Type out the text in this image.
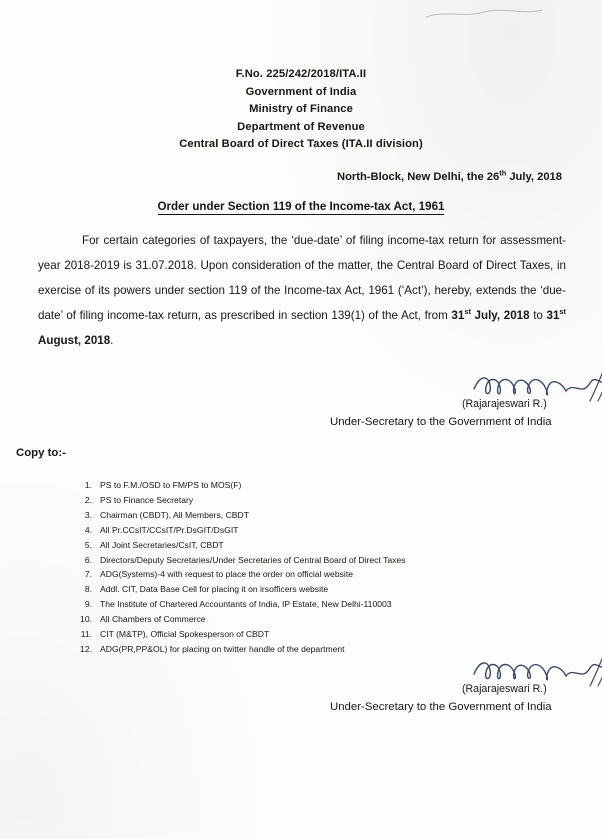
F.No. 225/242/2018/ITA.II
Government of India
Ministry of Finance
Department of Revenue
Central Board of Direct Taxes (ITA.II division)
North-Block, New Delhi, the 26th July, 2018
Order under Section 119 of the Income-tax Act, 1961
For certain categories of taxpayers, the ‘due-date’ of filing income-tax return for assessment-year 2018-2019 is 31.07.2018. Upon consideration of the matter, the Central Board of Direct Taxes, in exercise of its powers under section 119 of the Income-tax Act, 1961 (‘Act’), hereby, extends the ‘due-date’ of filing income-tax return, as prescribed in section 139(1) of the Act, from 31st July, 2018 to 31st August, 2018.
(Rajarajeswari R.)
Under-Secretary to the Government of India
Copy to:-
1. PS to F.M./OSD to FM/PS to MOS(F)
2. PS to Finance Secretary
3. Chairman (CBDT), All Members, CBDT
4. All Pr.CCsIT/CCsIT/Pr.DsGIT/DsGIT
5. All Joint Secretaries/CsIT, CBDT
6. Directors/Deputy Secretaries/Under Secretaries of Central Board of Direct Taxes
7. ADG(Systems)-4 with request to place the order on official website
8. Addl. CIT, Data Base Cell for placing it on irsofficers website
9. The Institute of Chartered Accountants of India, IP Estate, New Delhi-110003
10. All Chambers of Commerce
11. CIT (M&TP), Official Spokesperson of CBDT
12. ADG(PR,PP&OL) for placing on twitter handle of the department
(Rajarajeswari R.)
Under-Secretary to the Government of India
